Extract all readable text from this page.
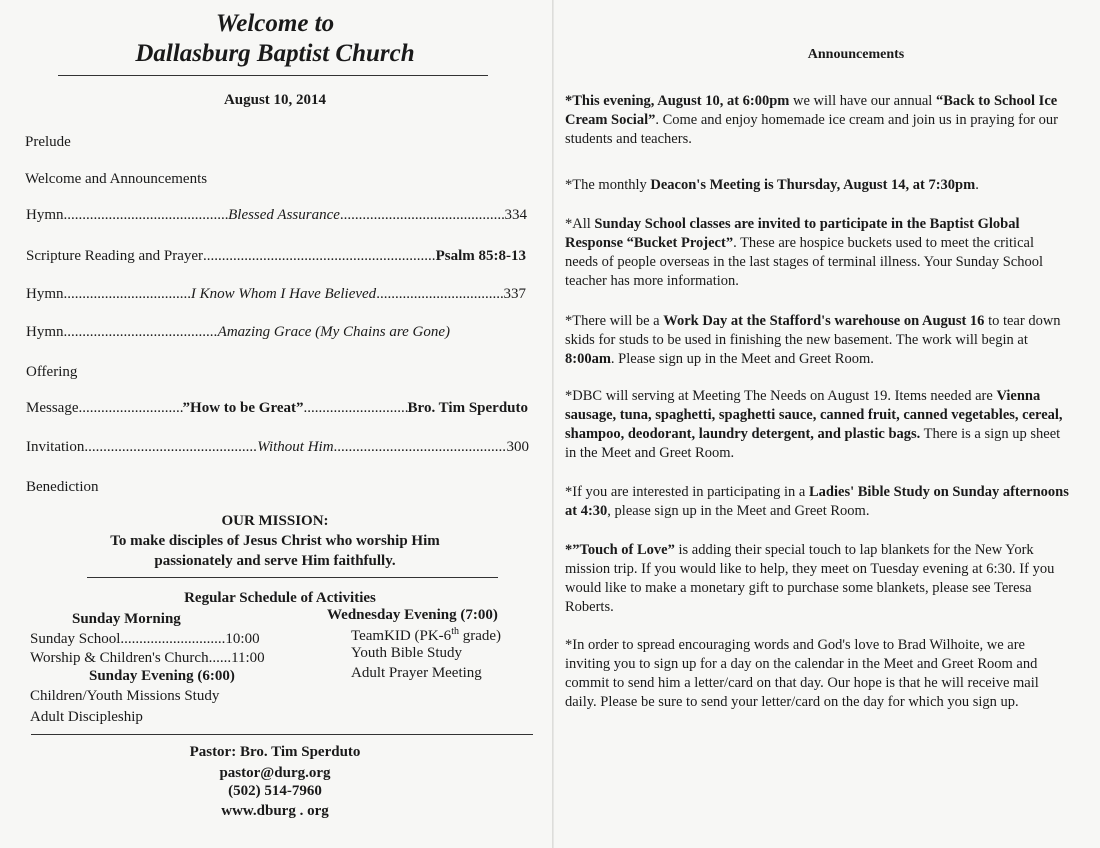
Welcome to
Dallasburg Baptist Church
August 10, 2014
Prelude
Welcome and Announcements
Hymn .....	Blessed Assurance .....	334
Scripture Reading and Prayer .....	Psalm 85:8-13
Hymn .....	I Know Whom I Have Believed .....	337
Hymn .....	Amazing Grace (My Chains are Gone)
Offering
Message .....	”How to be Great” .....	Bro. Tim Sperduto
Invitation .....	Without Him .....	300
Benediction
OUR MISSION:
To make disciples of Jesus Christ who worship Him
passionately and serve Him faithfully.
Regular Schedule of Activities
Sunday Morning
Sunday School............................10:00
Worship & Children's Church......11:00
Sunday Evening (6:00)
Children/Youth Missions Study
Adult Discipleship
Wednesday Evening (7:00)
TeamKID (PK-6th grade)
Youth Bible Study
Adult Prayer Meeting
Pastor: Bro. Tim Sperduto
pastor@durg.org
(502) 514-7960
www.dburg . org
Announcements
*This evening, August 10, at 6:00pm we will have our annual “Back to School Ice Cream Social”. Come and enjoy homemade ice cream and join us in praying for our students and teachers.
*The monthly Deacon's Meeting is Thursday, August 14, at 7:30pm.
*All Sunday School classes are invited to participate in the Baptist Global Response “Bucket Project”. These are hospice buckets used to meet the critical needs of people overseas in the last stages of terminal illness. Your Sunday School teacher has more information.
*There will be a Work Day at the Stafford's warehouse on August 16 to tear down skids for studs to be used in finishing the new basement. The work will begin at 8:00am. Please sign up in the Meet and Greet Room.
*DBC will serving at Meeting The Needs on August 19. Items needed are Vienna sausage, tuna, spaghetti, spaghetti sauce, canned fruit, canned vegetables, cereal, shampoo, deodorant, laundry detergent, and plastic bags. There is a sign up sheet in the Meet and Greet Room.
*If you are interested in participating in a Ladies' Bible Study on Sunday afternoons at 4:30, please sign up in the Meet and Greet Room.
*”Touch of Love” is adding their special touch to lap blankets for the New York mission trip. If you would like to help, they meet on Tuesday evening at 6:30. If you would like to make a monetary gift to purchase some blankets, please see Teresa Roberts.
*In order to spread encouraging words and God's love to Brad Wilhoite, we are inviting you to sign up for a day on the calendar in the Meet and Greet Room and commit to send him a letter/card on that day. Our hope is that he will receive mail daily. Please be sure to send your letter/card on the day for which you sign up.
